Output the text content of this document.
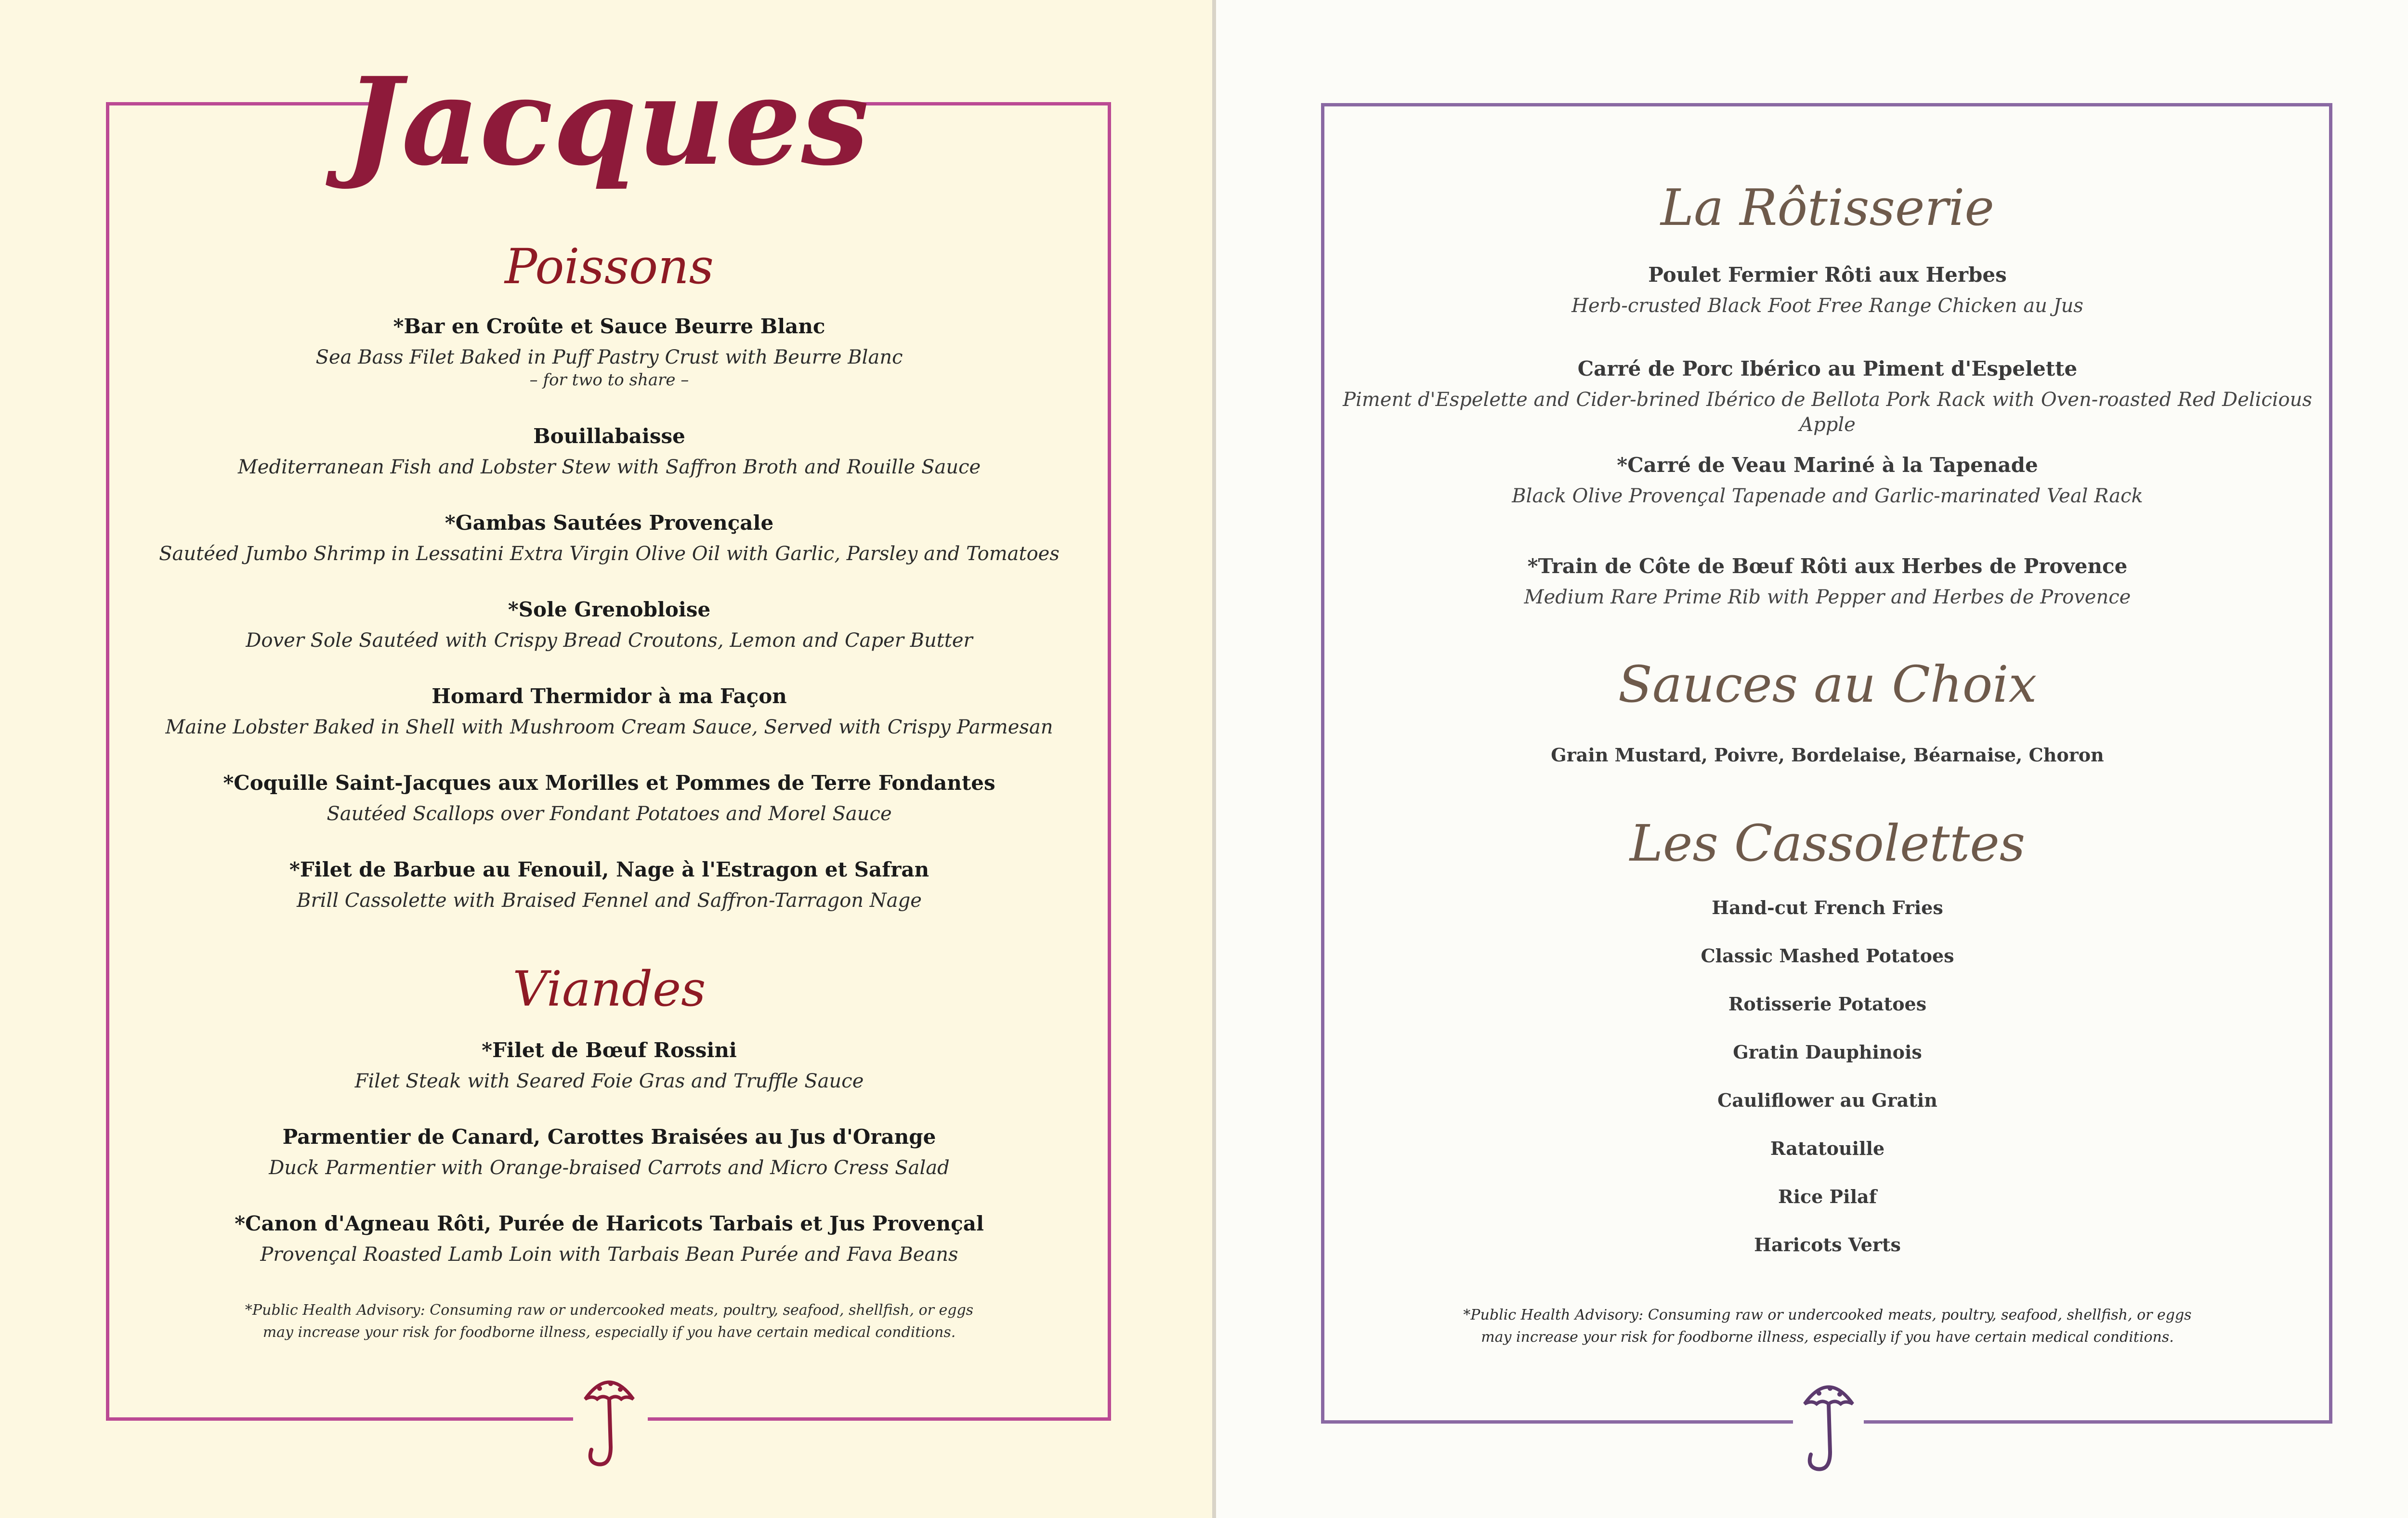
Jacques
Poissons
*Bar en Croûte et Sauce Beurre Blanc
Sea Bass Filet Baked in Puff Pastry Crust with Beurre Blanc
– for two to share –
Bouillabaisse
Mediterranean Fish and Lobster Stew with Saffron Broth and Rouille Sauce
*Gambas Sautées Provençale
Sautéed Jumbo Shrimp in Lessatini Extra Virgin Olive Oil with Garlic, Parsley and Tomatoes
*Sole Grenobloise
Dover Sole Sautéed with Crispy Bread Croutons, Lemon and Caper Butter
Homard Thermidor à ma Façon
Maine Lobster Baked in Shell with Mushroom Cream Sauce, Served with Crispy Parmesan
*Coquille Saint-Jacques aux Morilles et Pommes de Terre Fondantes
Sautéed Scallops over Fondant Potatoes and Morel Sauce
*Filet de Barbue au Fenouil, Nage à l'Estragon et Safran
Brill Cassolette with Braised Fennel and Saffron-Tarragon Nage
Viandes
*Filet de Bœuf Rossini
Filet Steak with Seared Foie Gras and Truffle Sauce
Parmentier de Canard, Carottes Braisées au Jus d'Orange
Duck Parmentier with Orange-braised Carrots and Micro Cress Salad
*Canon d'Agneau Rôti, Purée de Haricots Tarbais et Jus Provençal
Provençal Roasted Lamb Loin with Tarbais Bean Purée and Fava Beans
*Public Health Advisory: Consuming raw or undercooked meats, poultry, seafood, shellfish, or eggs
may increase your risk for foodborne illness, especially if you have certain medical conditions.
La Rôtisserie
Poulet Fermier Rôti aux Herbes
Herb-crusted Black Foot Free Range Chicken au Jus
Carré de Porc Ibérico au Piment d'Espelette
Piment d'Espelette and Cider-brined Ibérico de Bellota Pork Rack with Oven-roasted Red Delicious Apple
*Carré de Veau Mariné à la Tapenade
Black Olive Provençal Tapenade and Garlic-marinated Veal Rack
*Train de Côte de Bœuf Rôti aux Herbes de Provence
Medium Rare Prime Rib with Pepper and Herbes de Provence
Sauces au Choix
Grain Mustard, Poivre, Bordelaise, Béarnaise, Choron
Les Cassolettes
Hand-cut French Fries
Classic Mashed Potatoes
Rotisserie Potatoes
Gratin Dauphinois
Cauliflower au Gratin
Ratatouille
Rice Pilaf
Haricots Verts
*Public Health Advisory: Consuming raw or undercooked meats, poultry, seafood, shellfish, or eggs
may increase your risk for foodborne illness, especially if you have certain medical conditions.
